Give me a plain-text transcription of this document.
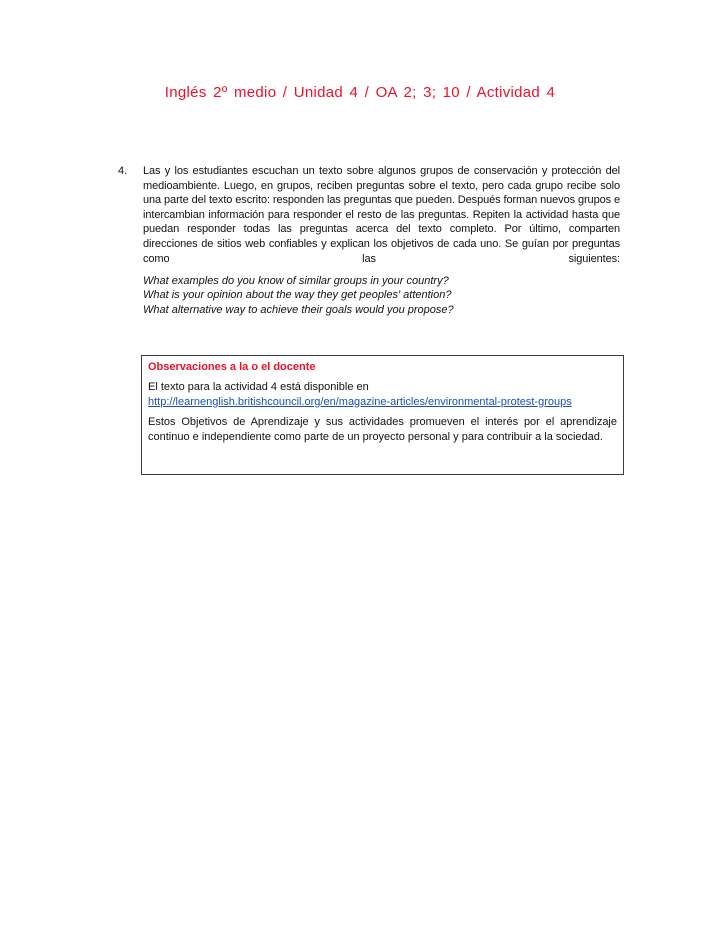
Inglés 2º medio / Unidad 4 / OA 2; 3; 10 / Actividad 4
4. Las y los estudiantes escuchan un texto sobre algunos grupos de conservación y protección del medioambiente. Luego, en grupos, reciben preguntas sobre el texto, pero cada grupo recibe solo una parte del texto escrito: responden las preguntas que pueden. Después forman nuevos grupos e intercambian información para responder el resto de las preguntas. Repiten la actividad hasta que puedan responder todas las preguntas acerca del texto completo. Por último, comparten direcciones de sitios web confiables y explican los objetivos de cada uno. Se guían por preguntas como las siguientes:
What examples do you know of similar groups in your country?
What is your opinion about the way they get peoples' attention?
What alternative way to achieve their goals would you propose?
Observaciones a la o el docente

El texto para la actividad 4 está disponible en
http://learnenglish.britishcouncil.org/en/magazine-articles/environmental-protest-groups

Estos Objetivos de Aprendizaje y sus actividades promueven el interés por el aprendizaje continuo e independiente como parte de un proyecto personal y para contribuir a la sociedad.
